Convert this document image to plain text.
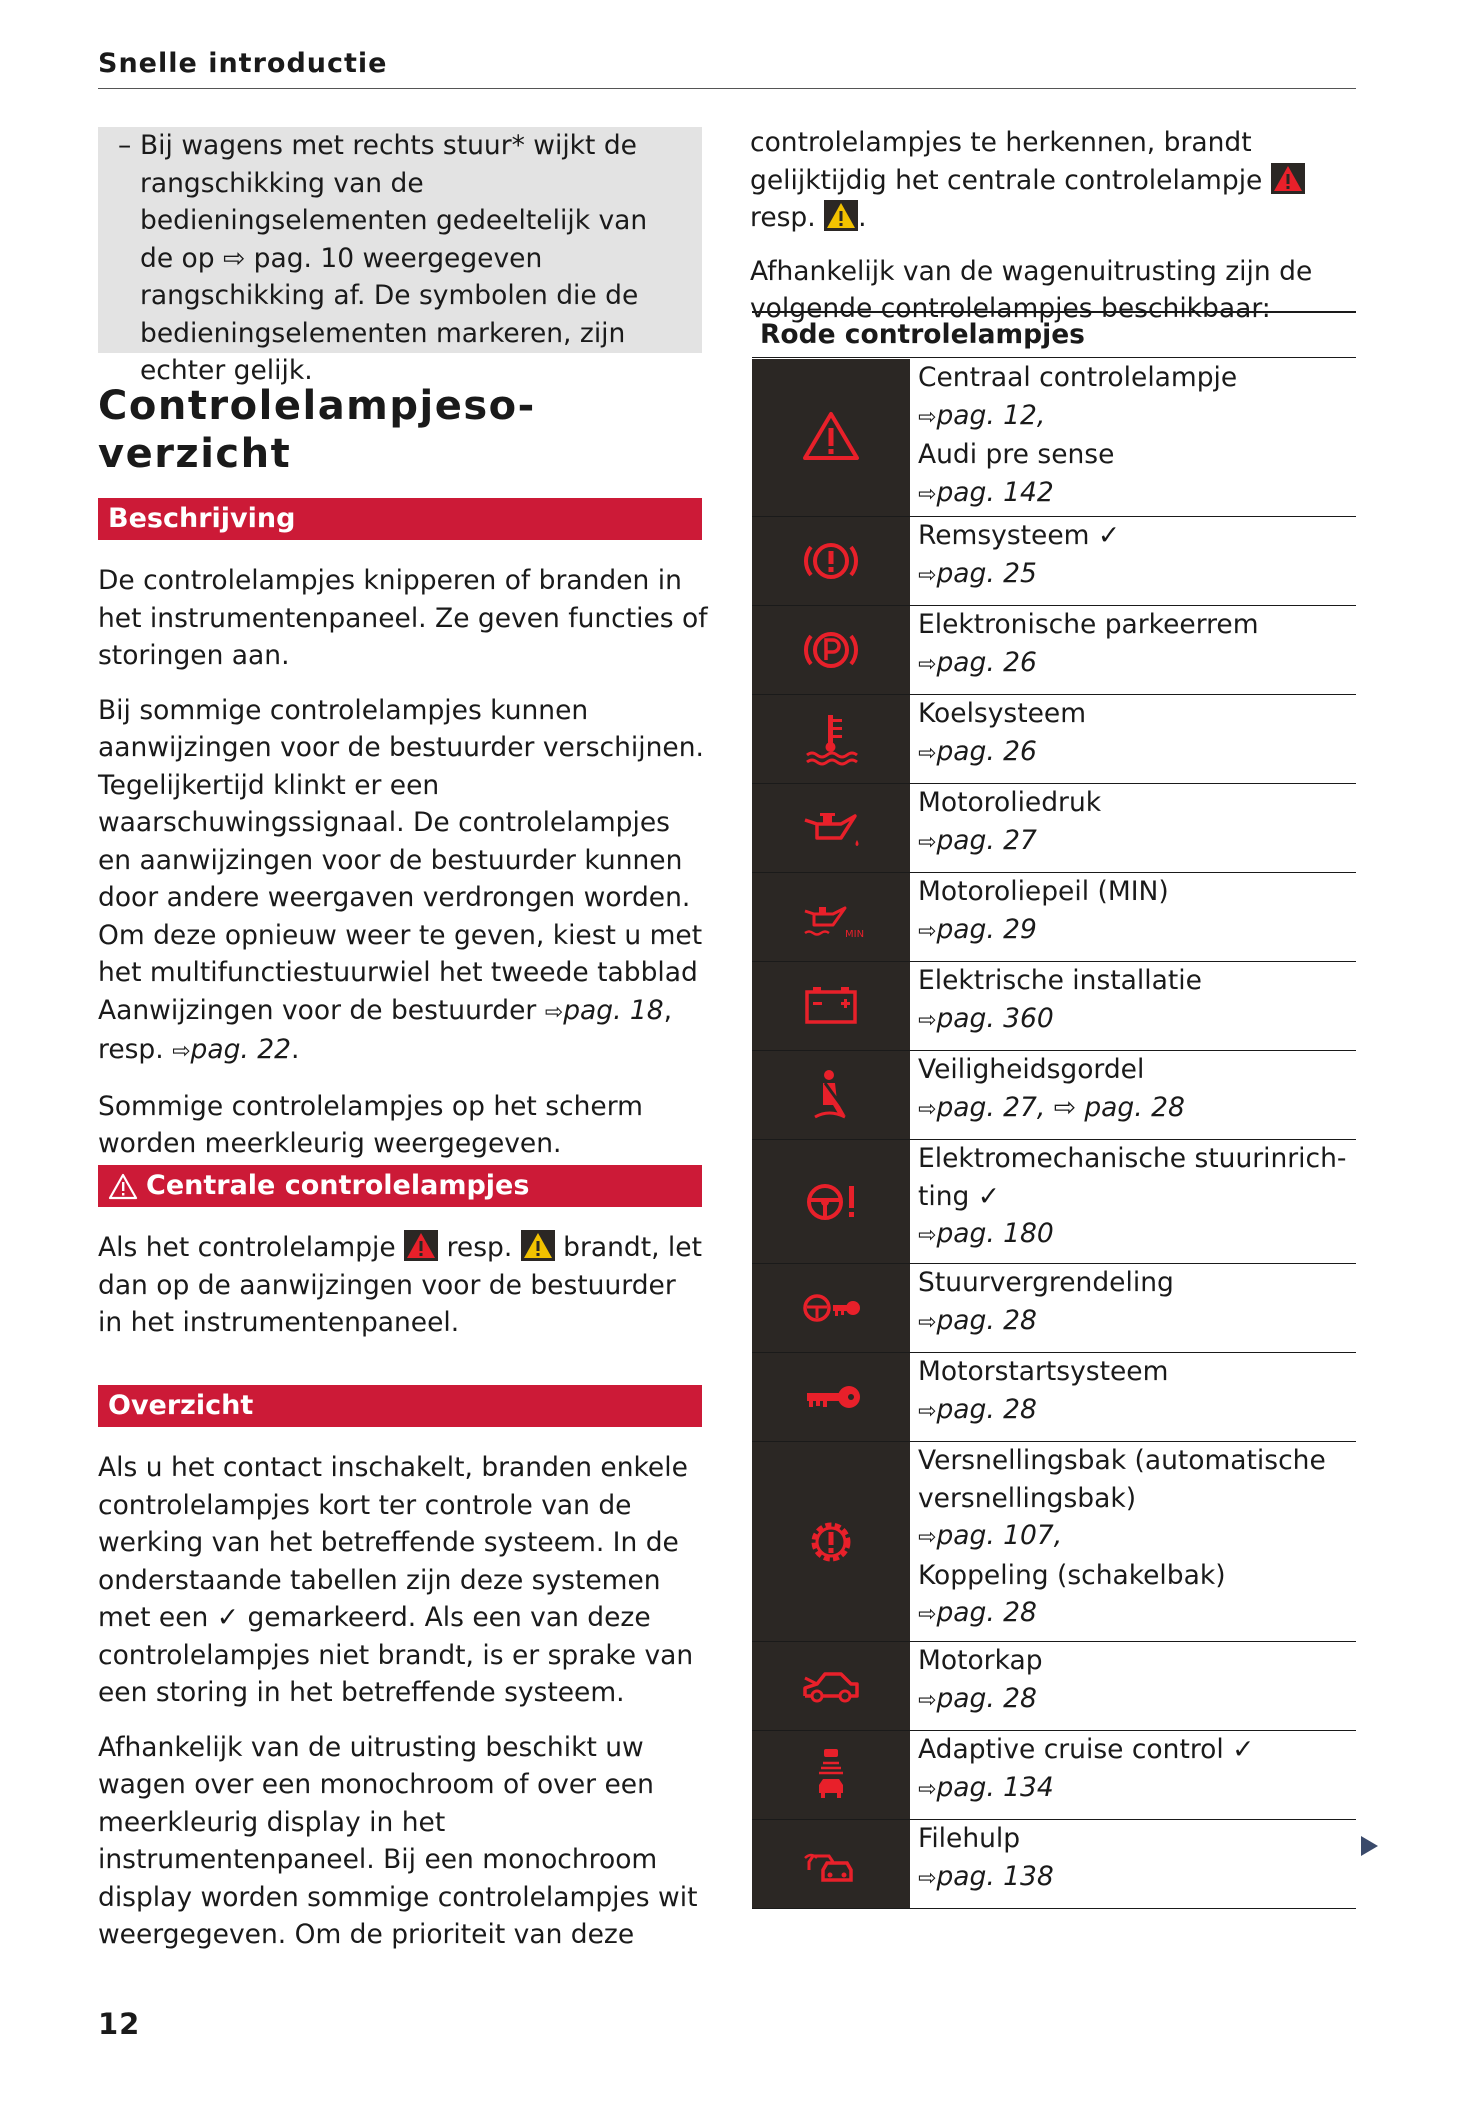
Snelle introductie
– Bij wagens met rechts stuur* wijkt de rangschikking van de bedieningselementen gedeeltelijk van de op ⇨ pag. 10 weergegeven rangschikking af. De symbolen die de bedieningselementen markeren, zijn echter gelijk.
Controlelampjeso-
verzicht
Beschrijving

De controlelampjes knipperen of branden in het instrumentenpaneel. Ze geven functies of storingen aan.

Bij sommige controlelampjes kunnen aanwijzingen voor de bestuurder verschijnen. Tegelijkertijd klinkt er een waarschuwingssignaal. De controlelampjes en aanwijzingen voor de bestuurder kunnen door andere weergaven verdrongen worden. Om deze opnieuw weer te geven, kiest u met het multifunctiestuurwiel het tweede tabblad Aanwijzingen voor de bestuurder ⇨pag. 18, resp. ⇨pag. 22.

Sommige controlelampjes op het scherm worden meerkleurig weergegeven.

Centrale controlelampjes

Als het controlelampje resp. brandt, let dan op de aanwijzingen voor de bestuurder in het instrumentenpaneel.

Overzicht

Als u het contact inschakelt, branden enkele controlelampjes kort ter controle van de werking van het betreffende systeem. In de onderstaande tabellen zijn deze systemen met een ✓ gemarkeerd. Als een van deze controlelampjes niet brandt, is er sprake van een storing in het betreffende systeem.

Afhankelijk van de uitrusting beschikt uw wagen over een monochroom of over een meerkleurig display in het instrumentenpaneel. Bij een monochroom display worden sommige controlelampjes wit weergegeven. Om de prioriteit van deze

controlelampjes te herkennen, brandt gelijktijdig het centrale controlelampje  resp. .

Afhankelijk van de wagenuitrusting zijn de volgende controlelampjes beschikbaar:

Rode controlelampjes
Centraal controlelampje
⇨pag. 12,
Audi pre sense
⇨pag. 142
Remsysteem ✓
⇨pag. 25
Elektronische parkeerrem
⇨pag. 26
Koelsysteem
⇨pag. 26
Motoroliedruk
⇨pag. 27
MIN
Motoroliepeil (MIN)
⇨pag. 29
Elektrische installatie
⇨pag. 360
Veiligheidsgordel
⇨pag. 27, ⇨ pag. 28
Elektromechanische stuurinrich-
ting ✓
⇨pag. 180
Stuurvergrendeling
⇨pag. 28
Motorstartsysteem
⇨pag. 28
Versnellingsbak (automatische
versnellingsbak)
⇨pag. 107,
Koppeling (schakelbak)
⇨pag. 28
Motorkap
⇨pag. 28
Adaptive cruise control ✓
⇨pag. 134
Filehulp
⇨pag. 138
12
